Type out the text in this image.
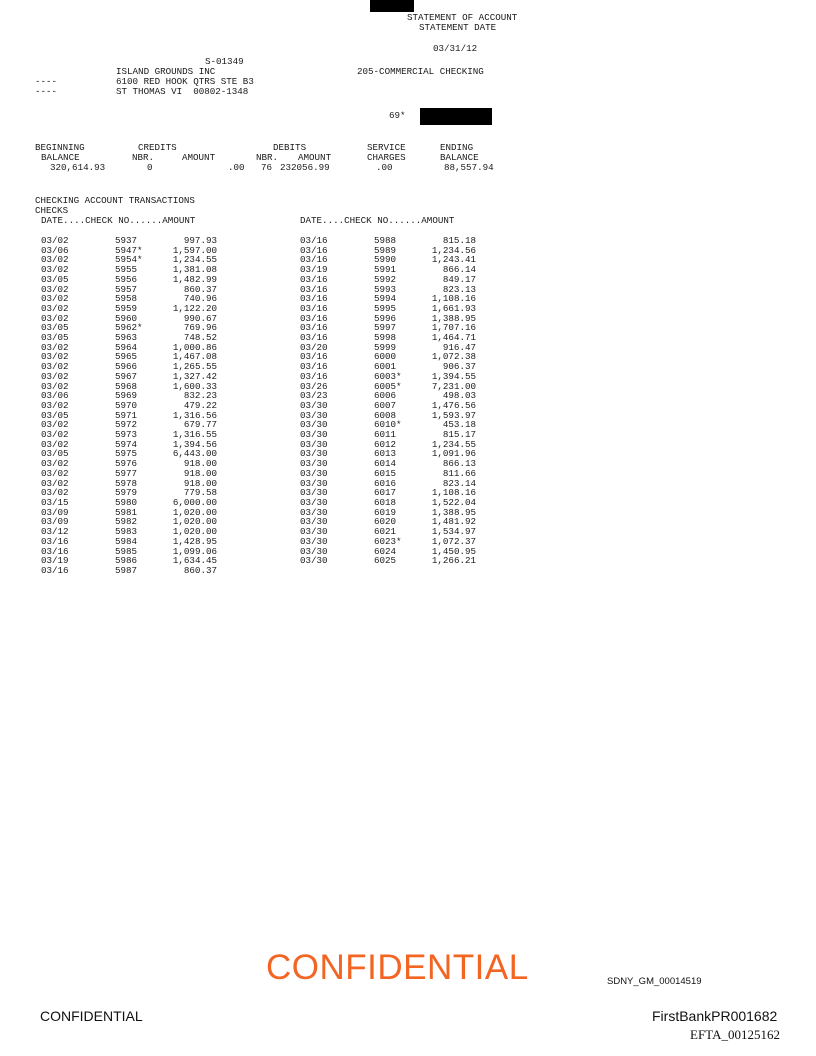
STATEMENT OF ACCOUNT
STATEMENT DATE
03/31/12
S-01349
ISLAND GROUNDS INC	205-COMMERCIAL CHECKING
----	6100 RED HOOK QTRS STE B3
----	ST THOMAS VI  00802-1348
69*
BEGINNING	CREDITS	DEBITS	SERVICE	ENDING
BALANCE	NBR.	AMOUNT	NBR. AMOUNT	CHARGES	BALANCE
320,614.93	0	.00 76 232056.99	.00	88,557.94
CHECKING ACCOUNT TRANSACTIONS
CHECKS
DATE....CHECK NO......AMOUNT	DATE....CHECK NO......AMOUNT
03/02	5937	997.93
03/06	5947*	1,597.00
03/02	5954*	1,234.55
03/02	5955	1,381.08
03/05	5956	1,482.99
03/02	5957	860.37
03/02	5958	740.96
03/02	5959	1,122.20
03/02	5960	990.67
03/05	5962*	769.96
03/05	5963	748.52
03/02	5964	1,000.86
03/02	5965	1,467.08
03/02	5966	1,265.55
03/02	5967	1,327.42
03/02	5968	1,600.33
03/06	5969	832.23
03/02	5970	479.22
03/05	5971	1,316.56
03/02	5972	679.77
03/02	5973	1,316.55
03/02	5974	1,394.56
03/05	5975	6,443.00
03/02	5976	918.00
03/02	5977	918.00
03/02	5978	918.00
03/02	5979	779.58
03/15	5980	6,000.00
03/09	5981	1,020.00
03/09	5982	1,020.00
03/12	5983	1,020.00
03/16	5984	1,428.95
03/16	5985	1,099.06
03/19	5986	1,634.45
03/16	5987	860.37
03/16	5988	815.18
03/16	5989	1,234.56
03/16	5990	1,243.41
03/19	5991	866.14
03/16	5992	849.17
03/16	5993	823.13
03/16	5994	1,108.16
03/16	5995	1,661.93
03/16	5996	1,388.95
03/16	5997	1,707.16
03/16	5998	1,464.71
03/20	5999	916.47
03/16	6000	1,072.38
03/16	6001	906.37
03/16	6003*	1,394.55
03/26	6005*	7,231.00
03/23	6006	498.03
03/30	6007	1,476.56
03/30	6008	1,593.97
03/30	6010*	453.18
03/30	6011	815.17
03/30	6012	1,234.55
03/30	6013	1,091.96
03/30	6014	866.13
03/30	6015	811.66
03/30	6016	823.14
03/30	6017	1,108.16
03/30	6018	1,522.04
03/30	6019	1,388.95
03/30	6020	1,481.92
03/30	6021	1,534.97
03/30	6023*	1,072.37
03/30	6024	1,450.95
03/30	6025	1,266.21
CONFIDENTIAL	SDNY_GM_00014519
CONFIDENTIAL	FirstBankPR001682
EFTA_00125162
